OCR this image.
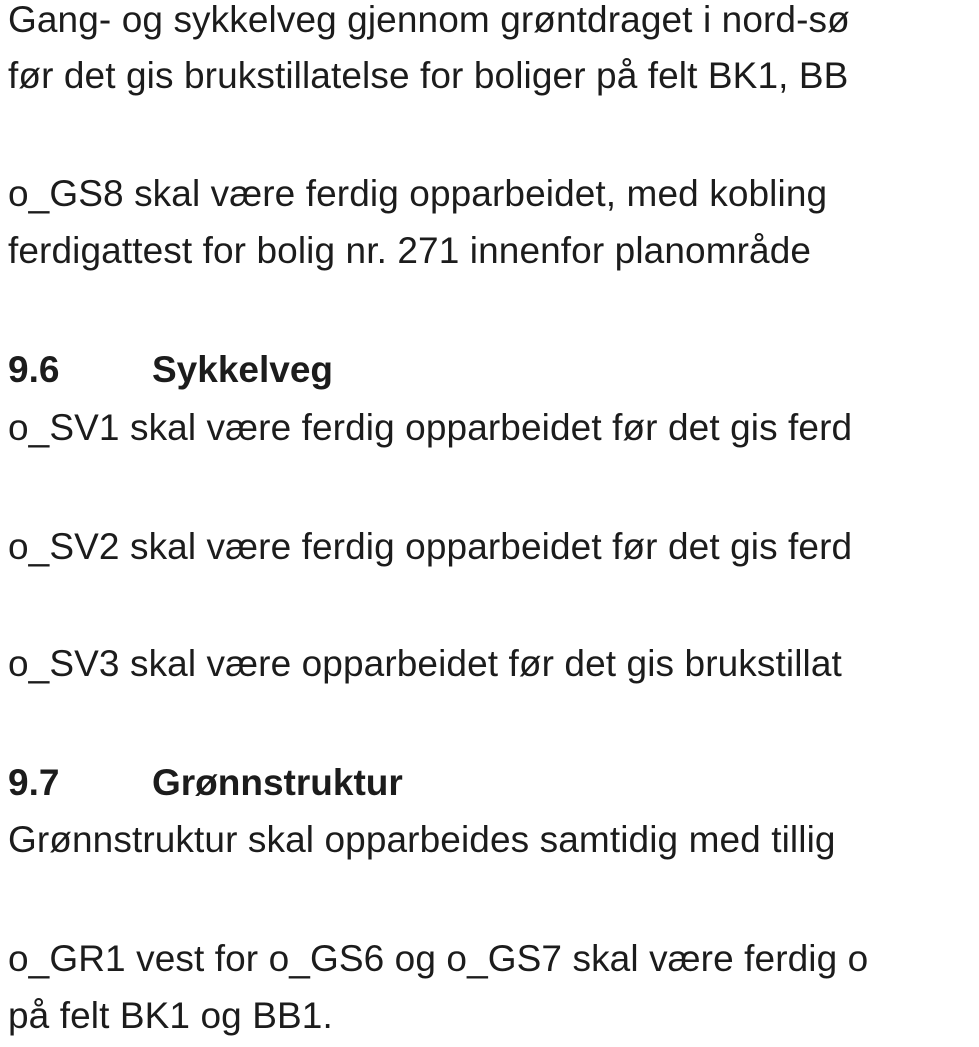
Gang- og sykkelveg gjennom grøntdraget i nord-sø
før det gis brukstillatelse for boliger på felt BK1, BB
o_GS8 skal være ferdig opparbeidet, med kobling
ferdigattest for bolig nr. 271 innenfor planområde
9.6	Sykkelveg
o_SV1 skal være ferdig opparbeidet før det gis ferd
o_SV2 skal være ferdig opparbeidet før det gis ferd
o_SV3 skal være opparbeidet før det gis brukstillat
9.7	Grønnstruktur
Grønnstruktur skal opparbeides samtidig med tillig
o_GR1 vest for o_GS6 og o_GS7 skal være ferdig o
på felt BK1 og BB1.
